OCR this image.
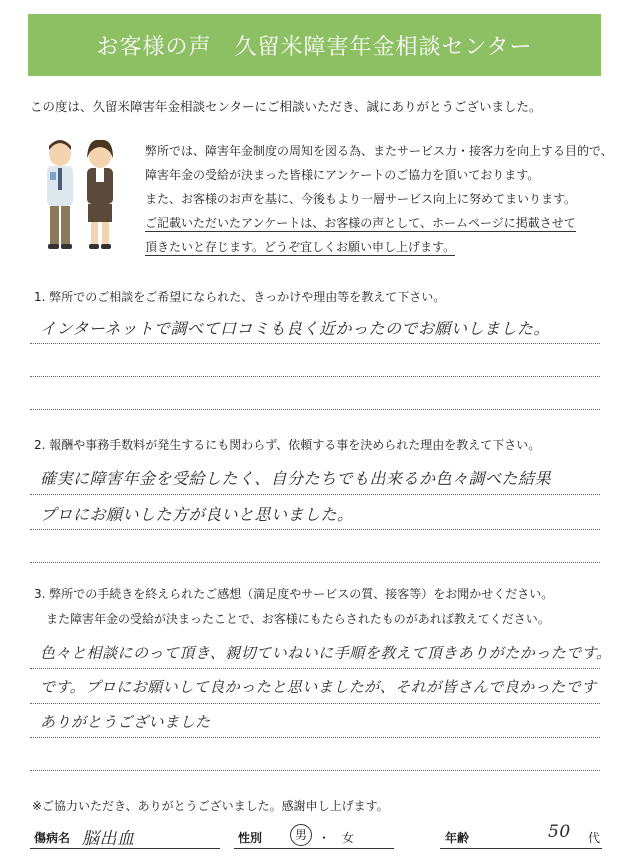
お客様の声　久留米障害年金相談センター
この度は、久留米障害年金相談センターにご相談いただき、誠にありがとうございました。
弊所では、障害年金制度の周知を図る為、またサービス力・接客力を向上する目的で、
障害年金の受給が決まった皆様にアンケートのご協力を頂いております。
また、お客様のお声を基に、今後もより一層サービス向上に努めてまいります。
ご記載いただいたアンケートは、お客様の声として、ホームページに掲載させて
頂きたいと存じます。どうぞ宜しくお願い申し上げます。
1. 弊所でのご相談をご希望になられた、きっかけや理由等を教えて下さい。
インターネットで調べて口コミも良く近かったのでお願いしました。
2. 報酬や事務手数料が発生するにも関わらず、依頼する事を決められた理由を教えて下さい。
確実に障害年金を受給したく、自分たちでも出来るか色々調べた結果
プロにお願いした方が良いと思いました。
3. 弊所での手続きを終えられたご感想（満足度やサービスの質、接客等）をお聞かせください。
また障害年金の受給が決まったことで、お客様にもたらされたものがあれば教えてください。
色々と相談にのって頂き、親切ていねいに手順を教えて頂きありがたかったです。
です。プロにお願いして良かったと思いましたが、それが皆さんで良かったです
ありがとうございました
※ご協力いただき、ありがとうございました。感謝申し上げます。
傷病名 脳出血	性別	男 ・ 女	年齢	50 代
